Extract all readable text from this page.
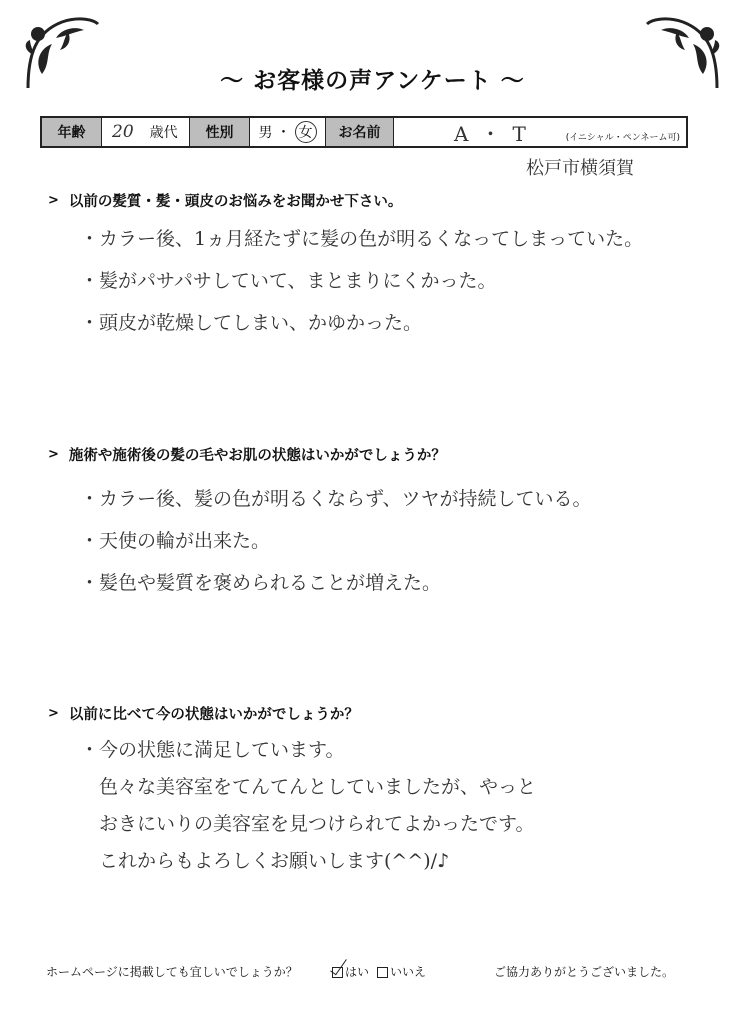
～ お客様の声アンケート ～
年齢	20 歳代	性別	男 ・ 女	お名前	A・T	(イニシャル・ペンネーム可)
松戸市横須賀
> 以前の髪質・髪・頭皮のお悩みをお聞かせ下さい。
・カラー後、1ヵ月経たずに髪の色が明るくなってしまっていた。
・髪がパサパサしていて、まとまりにくかった。
・頭皮が乾燥してしまい、かゆかった。
> 施術や施術後の髪の毛やお肌の状態はいかがでしょうか？
・カラー後、髪の色が明るくならず、ツヤが持続している。
・天使の輪が出来た。
・髪色や髪質を褒められることが増えた。
> 以前に比べて今の状態はいかがでしょうか？
・今の状態に満足しています。
　色々な美容室をてんてんとしていましたが、やっと
　おきにいりの美容室を見つけられてよかったです。
　これからもよろしくお願いします(^^)/♪
ホームページに掲載しても宜しいでしょうか？	はい	いいえ	ご協力ありがとうございました。
